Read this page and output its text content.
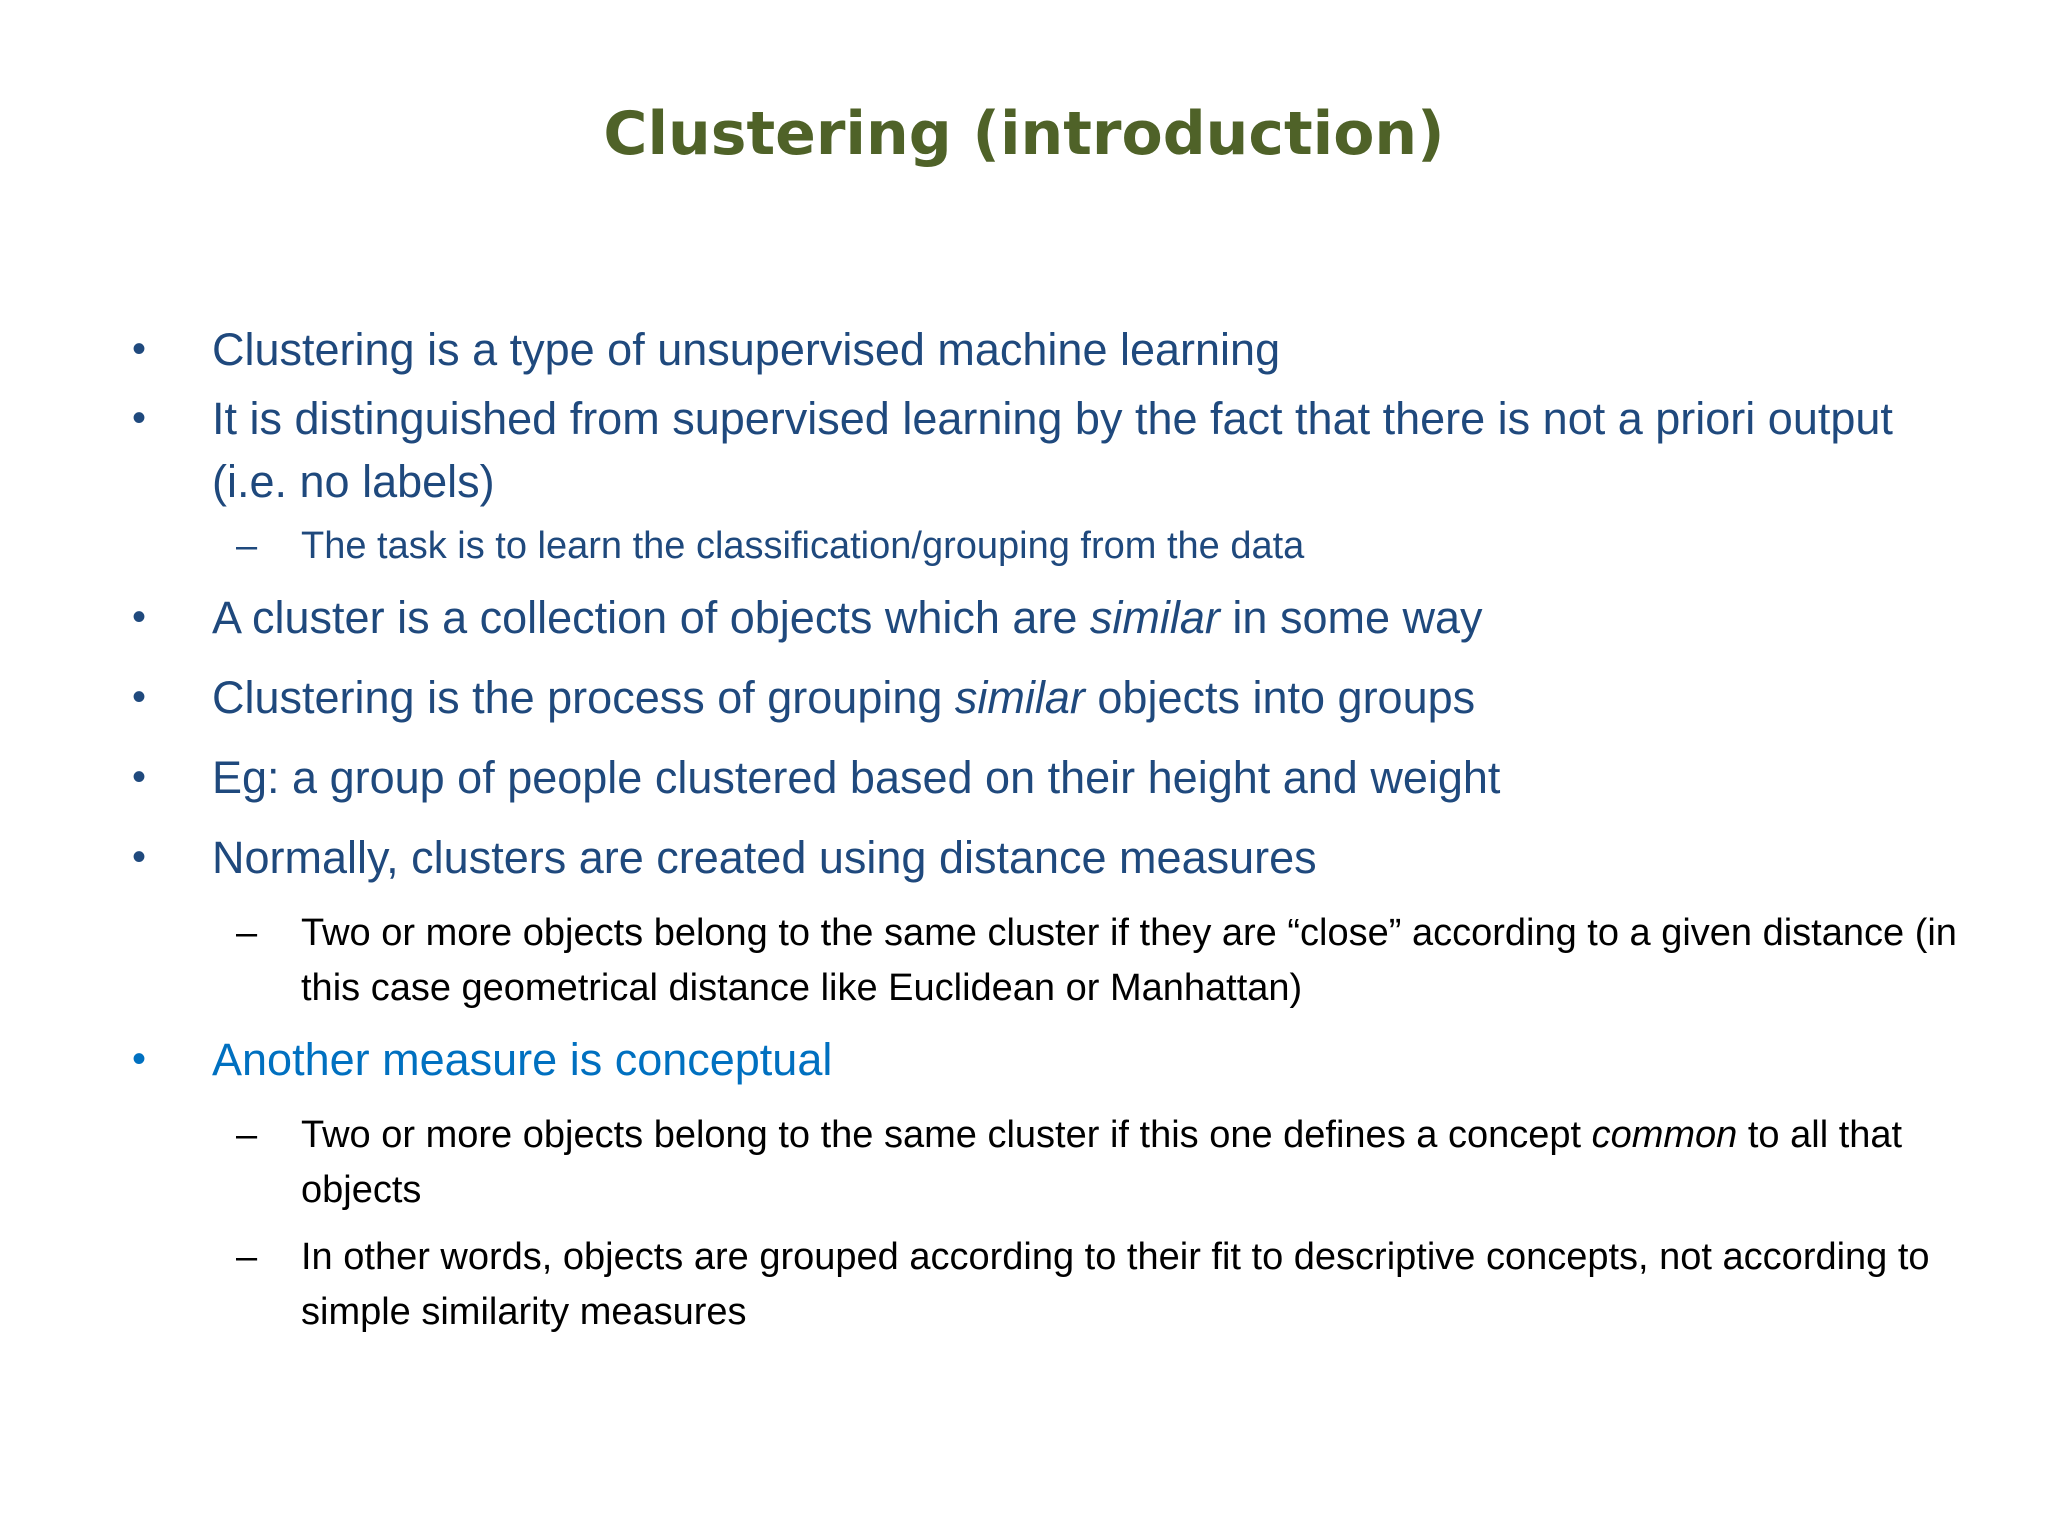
Clustering (introduction)

• Clustering is a type of unsupervised machine learning

• It is distinguished from supervised learning by the fact that there is not a priori output (i.e. no labels)

– The task is to learn the classification/grouping from the data

• A cluster is a collection of objects which are similar in some way

• Clustering is the process of grouping similar objects into groups

• Eg: a group of people clustered based on their height and weight

• Normally, clusters are created using distance measures

– Two or more objects belong to the same cluster if they are “close” according to a given distance (in this case geometrical distance like Euclidean or Manhattan)

• Another measure is conceptual

– Two or more objects belong to the same cluster if this one defines a concept common to all that objects

– In other words, objects are grouped according to their fit to descriptive concepts, not according to simple similarity measures
